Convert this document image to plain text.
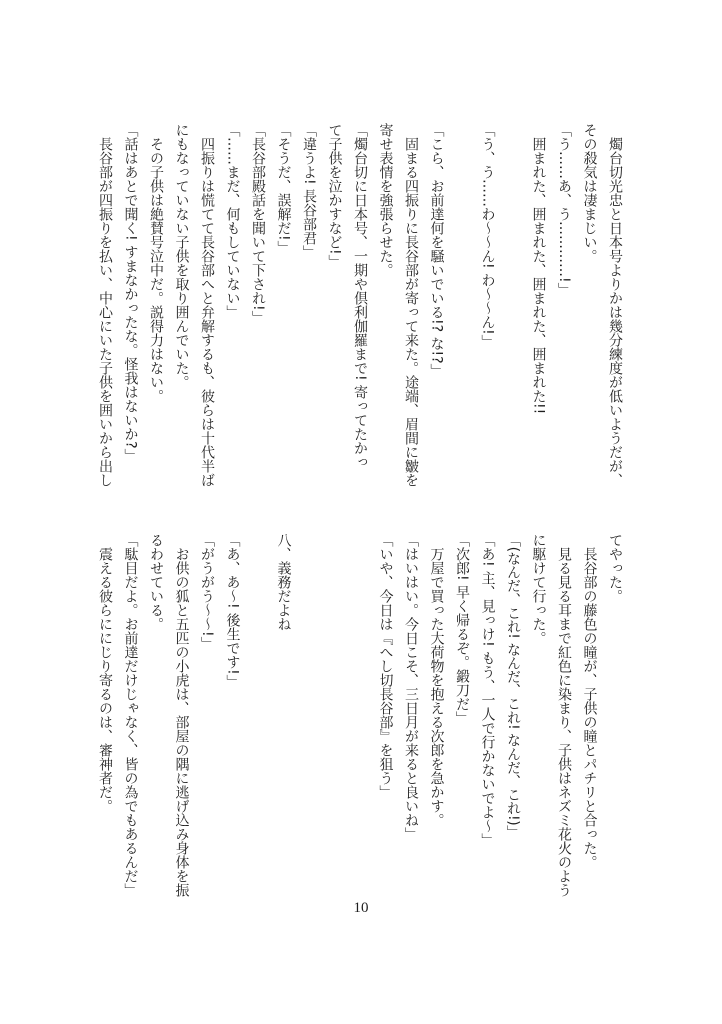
燭台切光忠と日本号よりかは幾分練度が低いようだが、
その殺気は凄まじい。
「う……あ、う…………!」
囲まれた、囲まれた、囲まれた、囲まれた!!
「う、う……わ〜〜ん! わ〜〜ん!」
「こら、お前達何を騒いでいる!? な!?」
固まる四振りに長谷部が寄って来た。途端、眉間に皺を
寄せ表情を強張らせた。
「燭台切に日本号、一期や倶利伽羅まで! 寄ってたかっ
て子供を泣かすなど!」
「違うよ! 長谷部君」
「そうだ、誤解だ!」
「長谷部殿話を聞いて下され!」
「……まだ、何もしていない」
四振りは慌てて長谷部へと弁解するも、彼らは十代半ば
にもなっていない子供を取り囲んでいた。
その子供は絶賛号泣中だ。説得力はない。
「話はあとで聞く! すまなかったな。怪我はないか?」
長谷部が四振りを払い、中心にいた子供を囲いから出し
てやった。
長谷部の藤色の瞳が、子供の瞳とパチリと合った。
見る見る耳まで紅色に染まり、子供はネズミ花火のよう
に駆けて行った。
「(なんだ、これ! なんだ、これ! なんだ、これ!)」
「あ! 主、見っけ! もう、一人で行かないでよ〜」
「次郎! 早く帰るぞ。鍛刀だ」
万屋で買った大荷物を抱える次郎を急かす。
「はいはい。今日こそ、三日月が来ると良いね」
「いや、今日は『へし切長谷部』を狙う」
八、義務だよね
「あ、あ〜! 後生です!」
「がうがう〜〜!」
お供の狐と五匹の小虎は、部屋の隅に逃げ込み身体を振
るわせている。
「駄目だよ。お前達だけじゃなく、皆の為でもあるんだ」
震える彼らににじり寄るのは、審神者だ。
10
